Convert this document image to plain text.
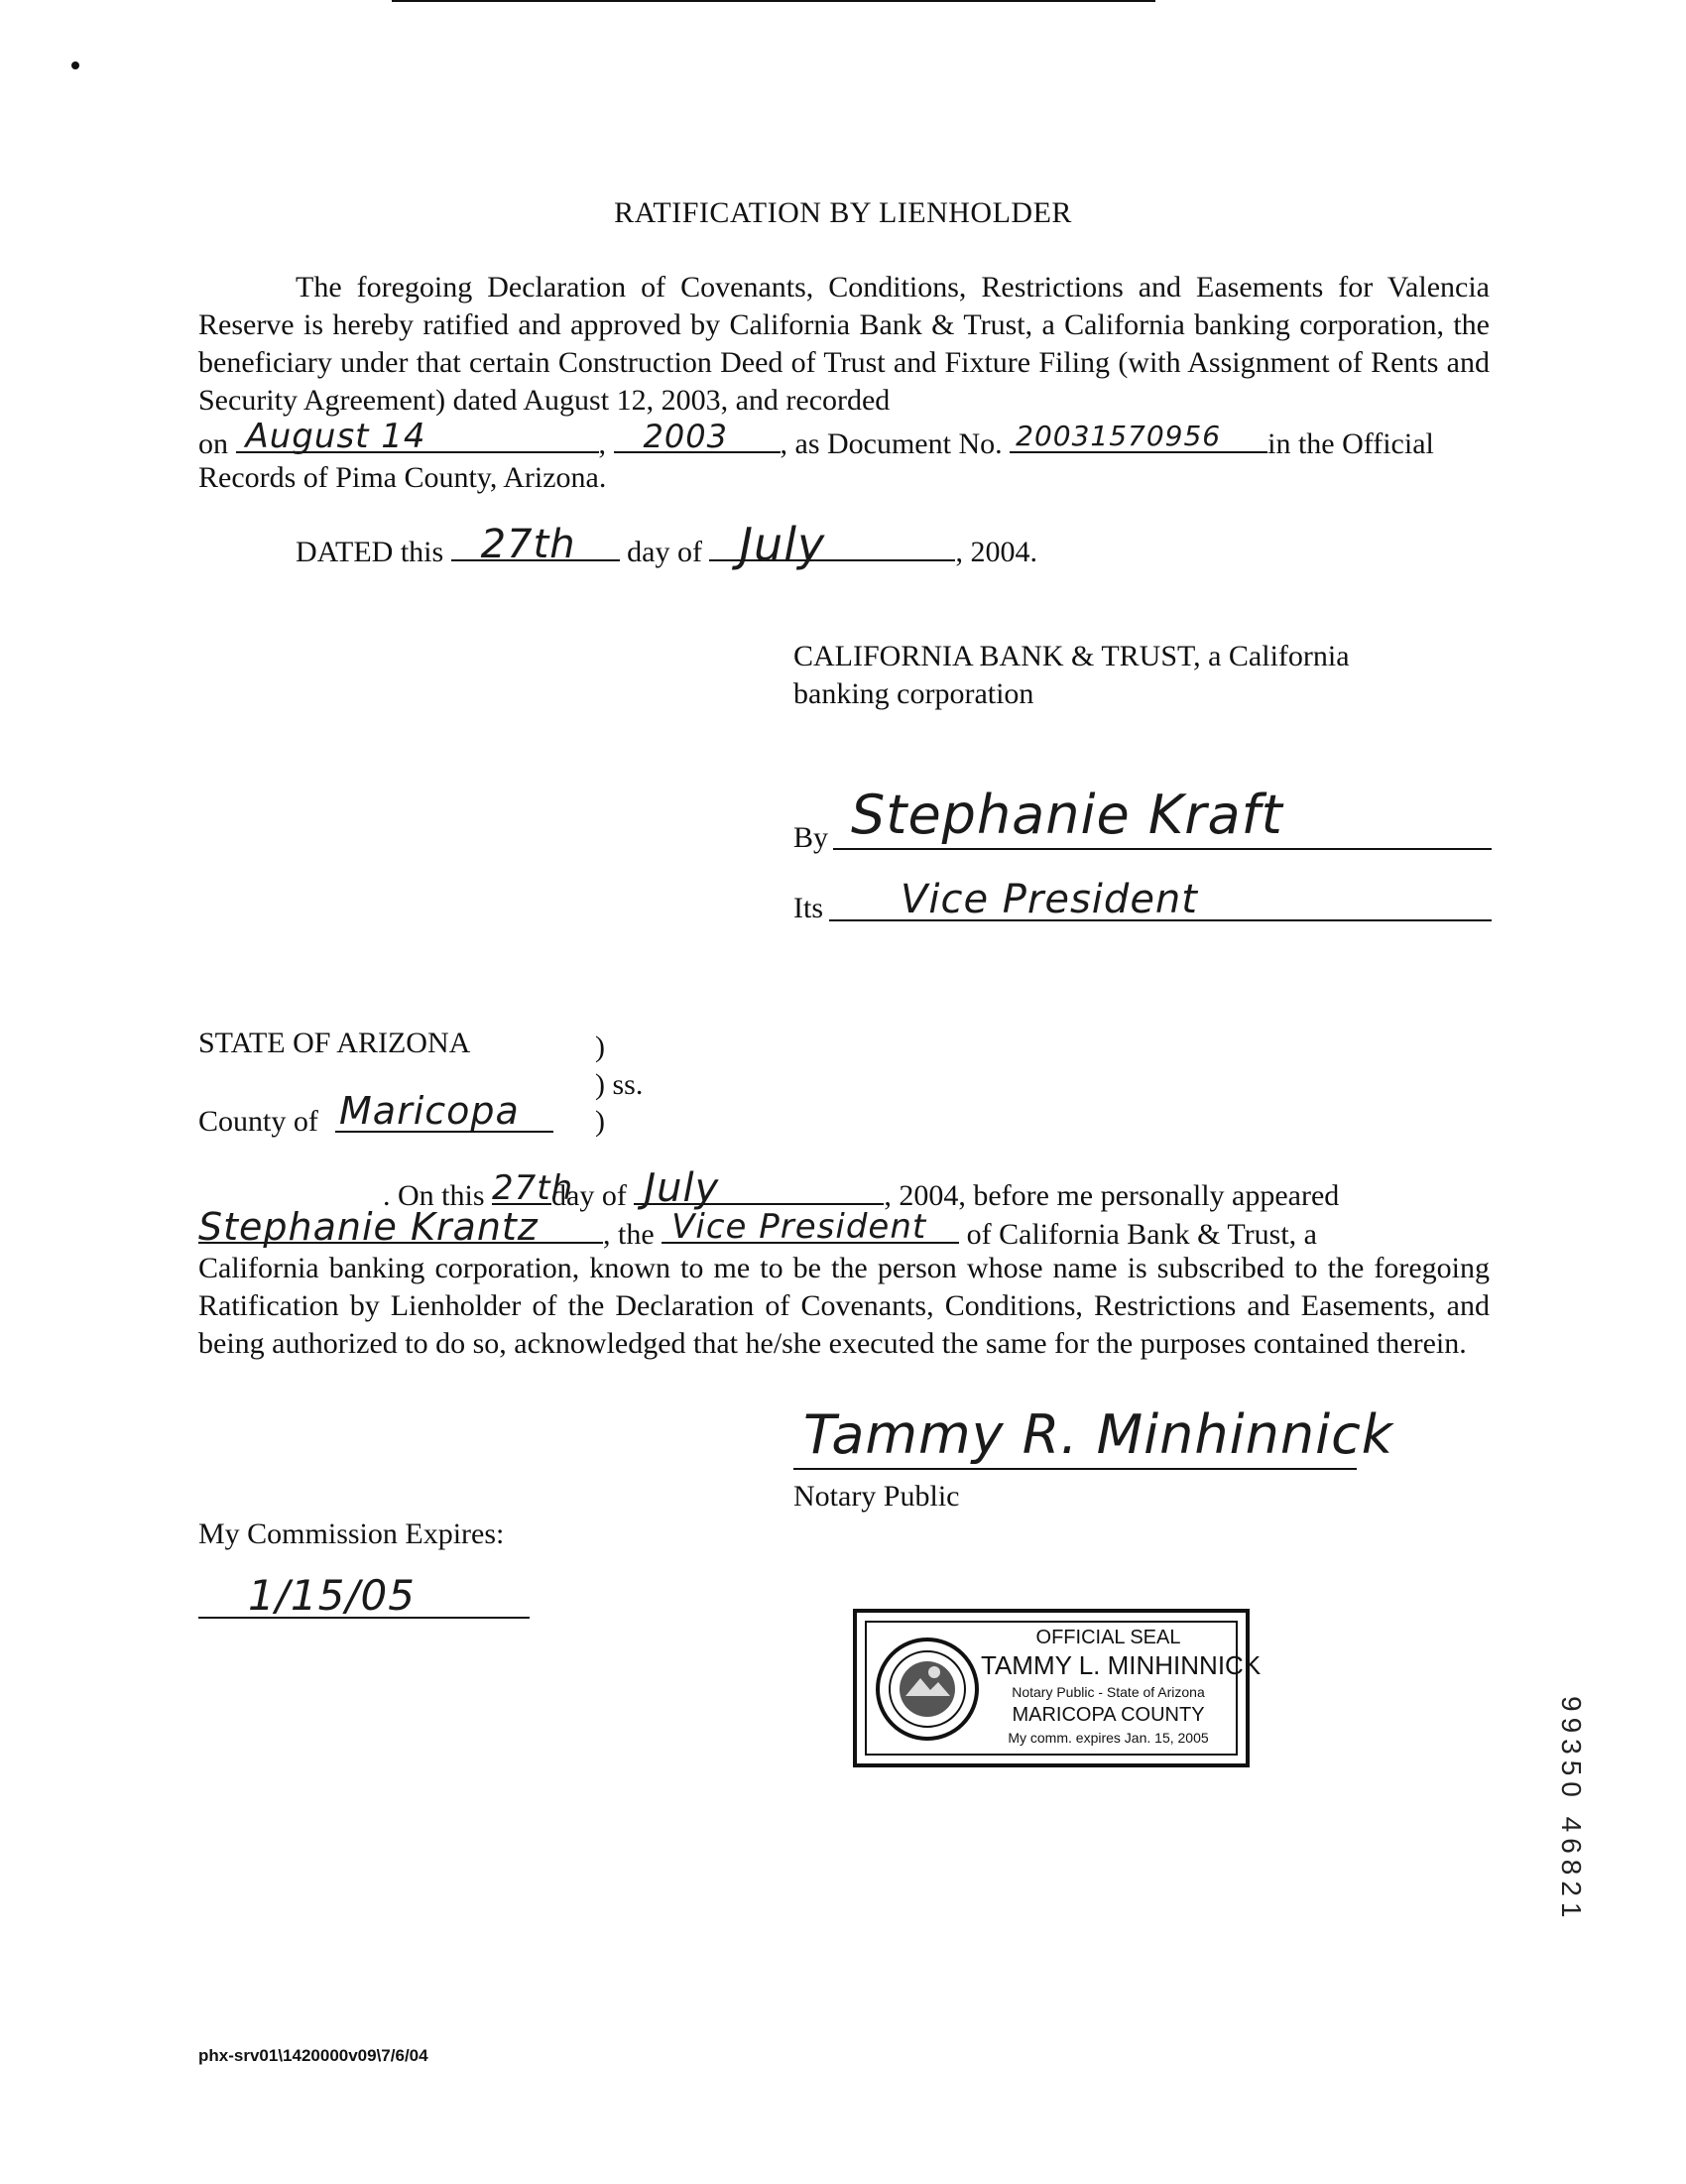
RATIFICATION BY LIENHOLDER
The foregoing Declaration of Covenants, Conditions, Restrictions and Easements for Valencia Reserve is hereby ratified and approved by California Bank & Trust, a California banking corporation, the beneficiary under that certain Construction Deed of Trust and Fixture Filing (with Assignment of Rents and Security Agreement) dated August 12, 2003, and recorded
on August 14	, 2003 , as Document No. 20031570956 in the Official
Records of Pima County, Arizona.
DATED this 27th day of July	, 2004.
CALIFORNIA BANK & TRUST, a California
banking corporation
By Stephanie Kraft
Its Vice President
STATE OF ARIZONA	)
) ss.
County of Maricopa	)
. On this 27th
day of July	, 2004, before me personally appeared
Stephanie Krantz , the Vice President of California Bank & Trust, a
California banking corporation, known to me to be the person whose name is subscribed to the foregoing Ratification by Lienholder of the Declaration of Covenants, Conditions, Restrictions and Easements, and being authorized to do so, acknowledged that he/she executed the same for the purposes contained therein.
Tammy R. Minhinnick
Notary Public
My Commission Expires:
1/15/05
OFFICIAL SEAL
TAMMY L. MINHINNICK
Notary Public - State of Arizona
MARICOPA COUNTY
My comm. expires Jan. 15, 2005	99350 46821
phx-srv01\1420000v09\7/6/04
